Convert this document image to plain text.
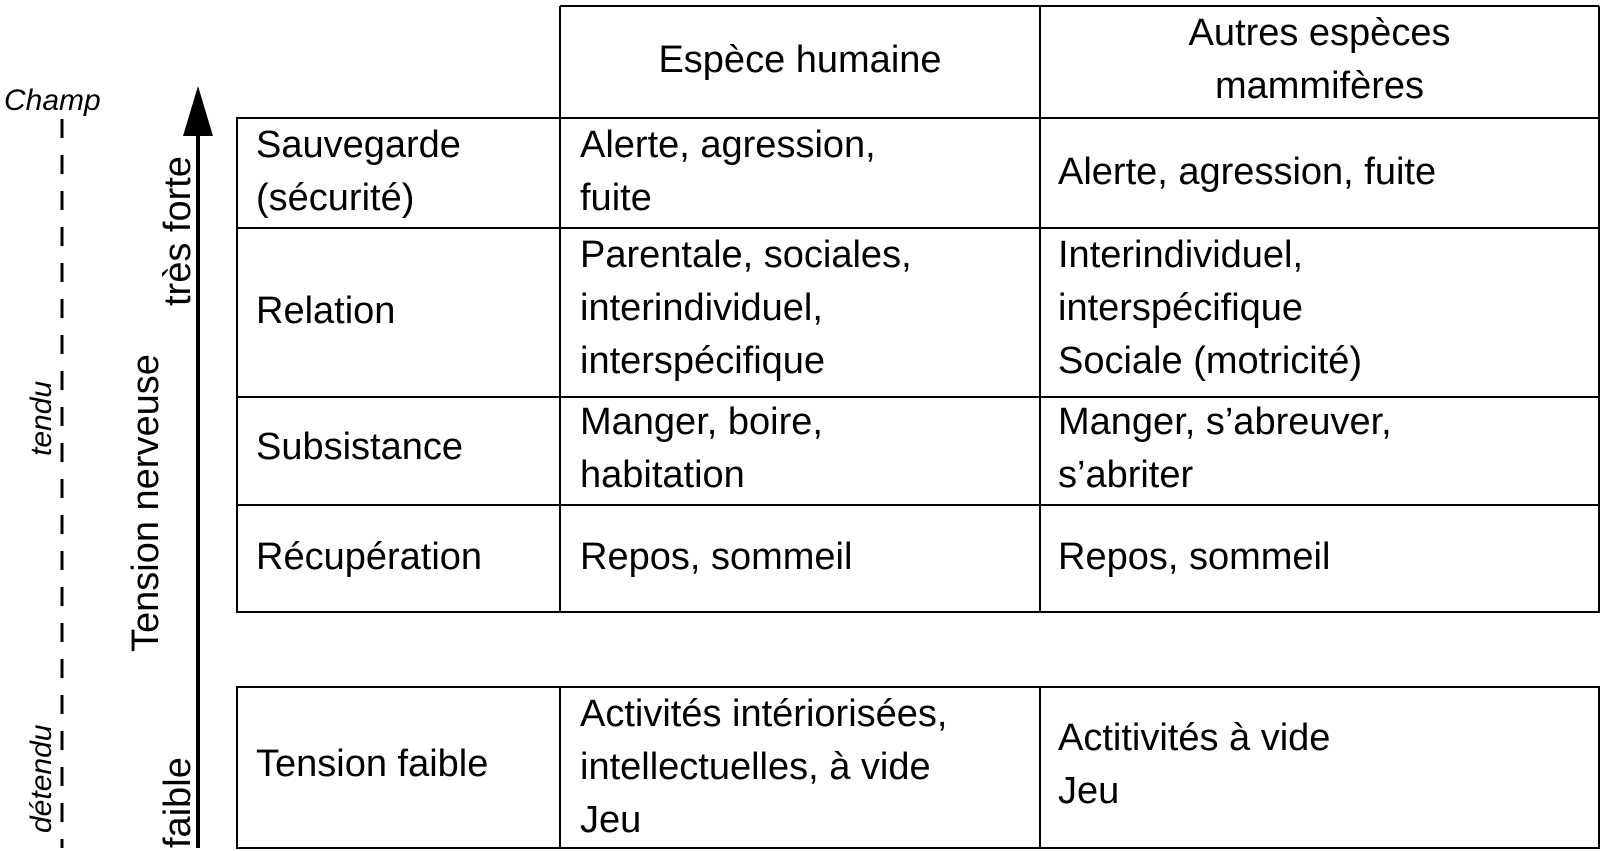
Champ
tendu
détendu
Tension nerveuse
très forte
faible
Espèce humaine
Autres espèces
mammifères
Sauvegarde
(sécurité)
Alerte, agression,
fuite
Alerte, agression, fuite
Relation
Parentale, sociales,
interindividuel,
interspécifique
Interindividuel,
interspécifique
Sociale (motricité)
Subsistance
Manger, boire,
habitation
Manger, s’abreuver,
s’abriter
Récupération	Repos, sommeil	Repos, sommeil
Tension faible
Activités intériorisées,
intellectuelles, à vide
Jeu
Actitivités à vide
Jeu
